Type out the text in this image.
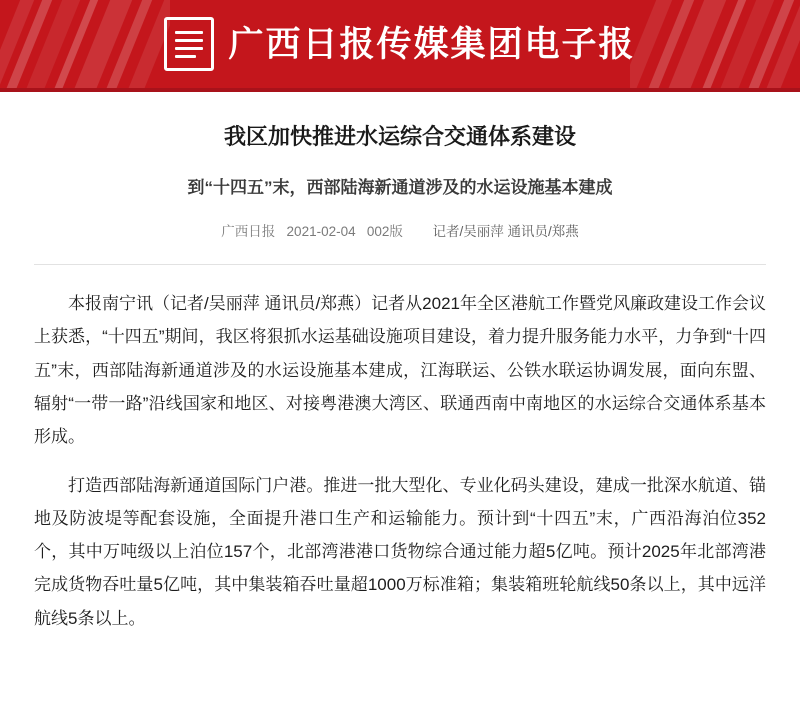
广西日报传媒集团电子报
我区加快推进水运综合交通体系建设
到“十四五”末，西部陆海新通道涉及的水运设施基本建成
广西日报 2021-02-04 002版 记者/吴丽萍 通讯员/郑燕

本报南宁讯（记者/吴丽萍 通讯员/郑燕）记者从2021年全区港航工作暨党风廉政建设工作会议上获悉，“十四五”期间，我区将狠抓水运基础设施项目建设，着力提升服务能力水平，力争到“十四五”末，西部陆海新通道涉及的水运设施基本建成，江海联运、公铁水联运协调发展，面向东盟、辐射“一带一路”沿线国家和地区、对接粤港澳大湾区、联通西南中南地区的水运综合交通体系基本形成。

打造西部陆海新通道国际门户港。推进一批大型化、专业化码头建设，建成一批深水航道、锚地及防波堤等配套设施，全面提升港口生产和运输能力。预计到“十四五”末，广西沿海泊位352个，其中万吨级以上泊位157个，北部湾港港口货物综合通过能力超5亿吨。预计2025年北部湾港完成货物吞吐量5亿吨，其中集装箱吞吐量超1000万标准箱；集装箱班轮航线50条以上，其中远洋航线5条以上。
